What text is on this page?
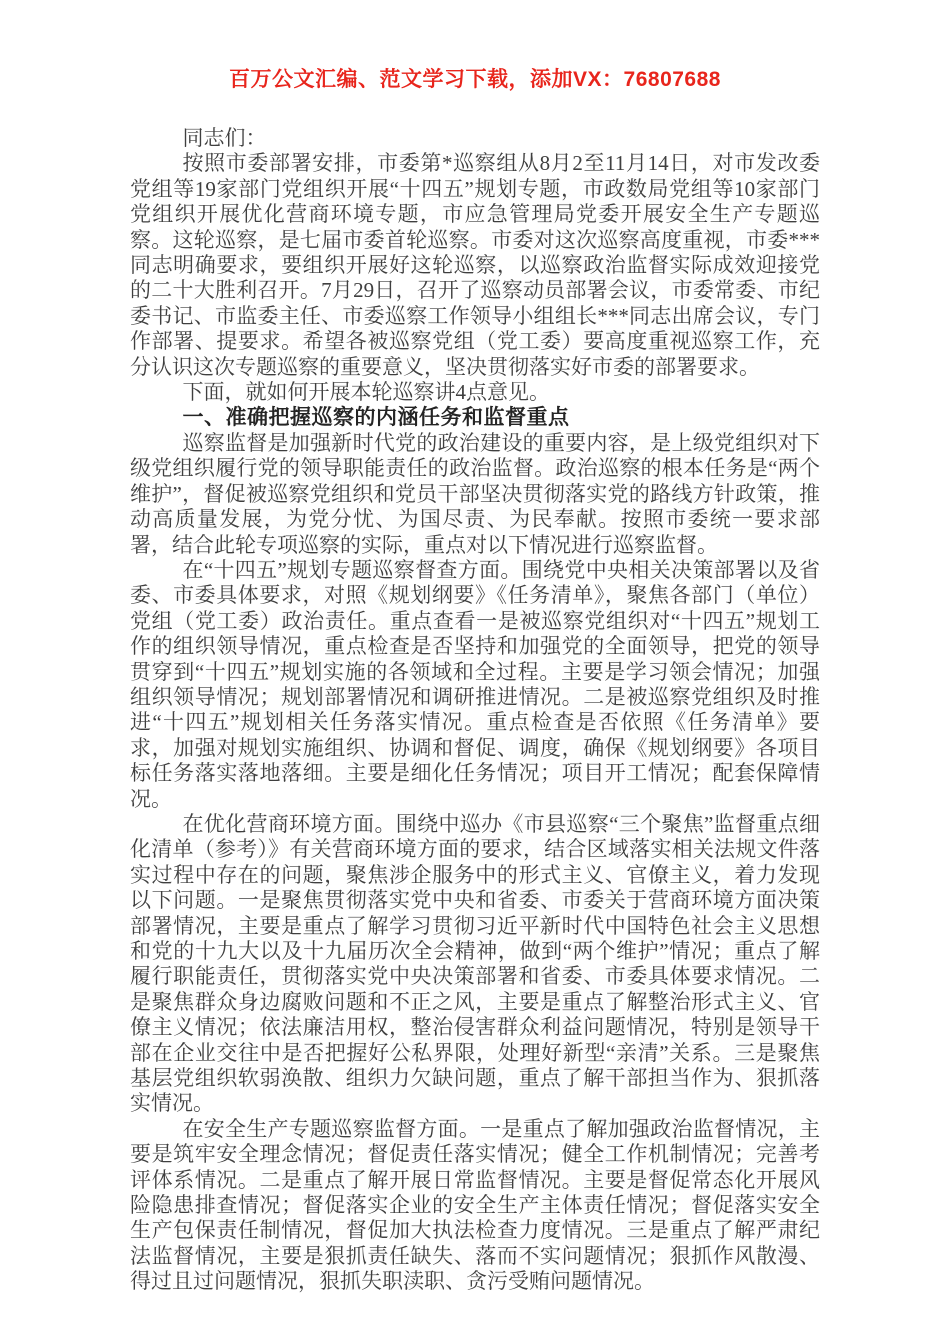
百万公文汇编、范文学习下载，添加VX：76807688

同志们：

按照市委部署安排，市委第*巡察组从8月2至11月14日，对市发改委党组等19家部门党组织开展“十四五”规划专题，市政数局党组等10家部门党组织开展优化营商环境专题，市应急管理局党委开展安全生产专题巡察。这轮巡察，是七届市委首轮巡察。市委对这次巡察高度重视，市委***同志明确要求，要组织开展好这轮巡察，以巡察政治监督实际成效迎接党的二十大胜利召开。7月29日，召开了巡察动员部署会议，市委常委、市纪委书记、市监委主任、市委巡察工作领导小组组长***同志出席会议，专门作部署、提要求。希望各被巡察党组（党工委）要高度重视巡察工作，充分认识这次专题巡察的重要意义，坚决贯彻落实好市委的部署要求。

下面，就如何开展本轮巡察讲4点意见。

一、准确把握巡察的内涵任务和监督重点

巡察监督是加强新时代党的政治建设的重要内容，是上级党组织对下级党组织履行党的领导职能责任的政治监督。政治巡察的根本任务是“两个维护”，督促被巡察党组织和党员干部坚决贯彻落实党的路线方针政策，推动高质量发展，为党分忧、为国尽责、为民奉献。按照市委统一要求部署，结合此轮专项巡察的实际，重点对以下情况进行巡察监督。

在“十四五”规划专题巡察督查方面。围绕党中央相关决策部署以及省委、市委具体要求，对照《规划纲要》《任务清单》，聚焦各部门（单位）党组（党工委）政治责任。重点查看一是被巡察党组织对“十四五”规划工作的组织领导情况，重点检查是否坚持和加强党的全面领导，把党的领导贯穿到“十四五”规划实施的各领域和全过程。主要是学习领会情况；加强组织领导情况；规划部署情况和调研推进情况。二是被巡察党组织及时推进“十四五”规划相关任务落实情况。重点检查是否依照《任务清单》要求，加强对规划实施组织、协调和督促、调度，确保《规划纲要》各项目标任务落实落地落细。主要是细化任务情况；项目开工情况；配套保障情况。

在优化营商环境方面。围绕中巡办《市县巡察“三个聚焦”监督重点细化清单（参考）》有关营商环境方面的要求，结合区域落实相关法规文件落实过程中存在的问题，聚焦涉企服务中的形式主义、官僚主义，着力发现以下问题。一是聚焦贯彻落实党中央和省委、市委关于营商环境方面决策部署情况，主要是重点了解学习贯彻习近平新时代中国特色社会主义思想和党的十九大以及十九届历次全会精神，做到“两个维护”情况；重点了解履行职能责任，贯彻落实党中央决策部署和省委、市委具体要求情况。二是聚焦群众身边腐败问题和不正之风，主要是重点了解整治形式主义、官僚主义情况；依法廉洁用权，整治侵害群众利益问题情况，特别是领导干部在企业交往中是否把握好公私界限，处理好新型“亲清”关系。三是聚焦基层党组织软弱涣散、组织力欠缺问题，重点了解干部担当作为、狠抓落实情况。

在安全生产专题巡察监督方面。一是重点了解加强政治监督情况，主要是筑牢安全理念情况；督促责任落实情况；健全工作机制情况；完善考评体系情况。二是重点了解开展日常监督情况。主要是督促常态化开展风险隐患排查情况；督促落实企业的安全生产主体责任情况；督促落实安全生产包保责任制情况，督促加大执法检查力度情况。三是重点了解严肃纪法监督情况，主要是狠抓责任缺失、落而不实问题情况；狠抓作风散漫、得过且过问题情况，狠抓失职渎职、贪污受贿问题情况。
